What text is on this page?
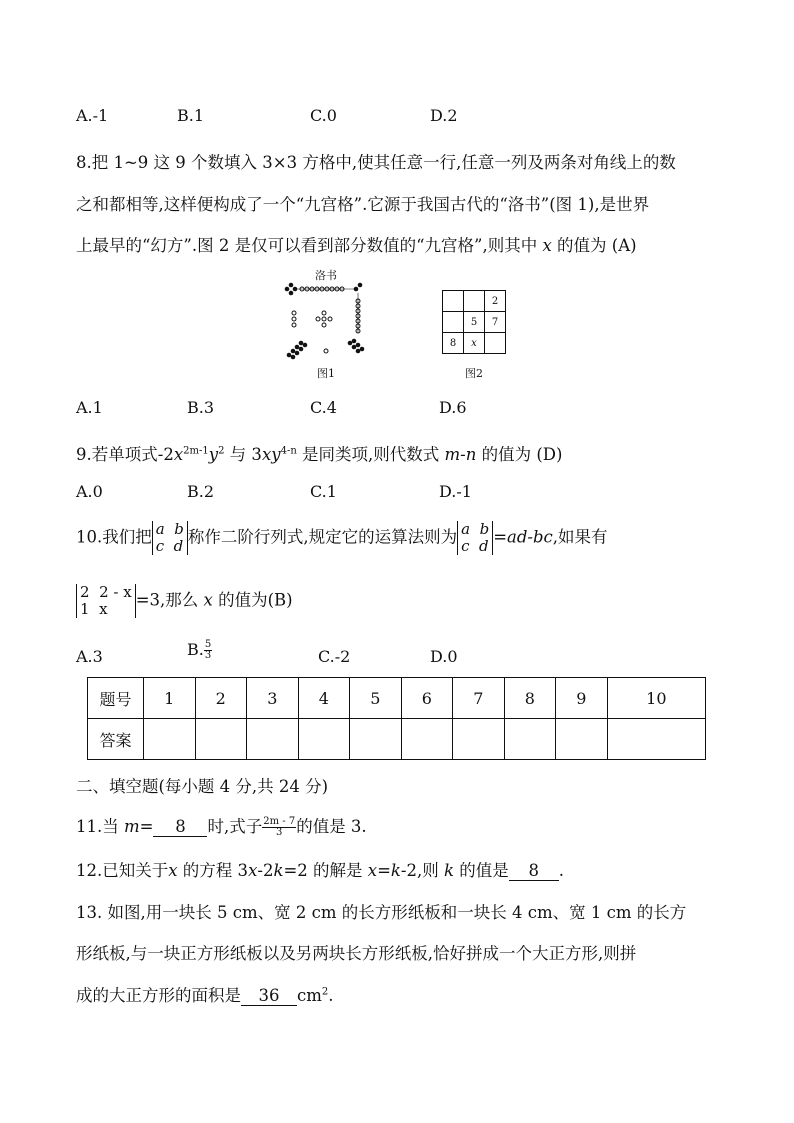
A.-1	B.1	C.0	D.2
8.把 1~9 这 9 个数填入 3×3 方格中,使其任意一行,任意一列及两条对角线上的数
之和都相等,这样便构成了一个“九宫格”.它源于我国古代的“洛书”(图 1),是世界
上最早的“幻方”.图 2 是仅可以看到部分数值的“九宫格”,则其中 x 的值为 (A)
洛书
图1
		2
	5	7
8	x	
图2
A.1	B.3	C.4	D.6
9.若单项式$-2x^{2m-1}y^2$ 与 $3xy^{4-n}$ 是同类项,则代数式 m-n 的值为 (D)
A.0	B.2	C.1	D.-1
10.我们把 a  b
c  d 称作二阶行列式,规定它的运算法则为 a  b
c  d =ad-bc,如果有
2  2 - x
1  x	=3,那么 x 的值为(B)
A.3	B. $\frac{5}{3}$	C.-2	D.0
题号	1	2	3	4	5	6	7	8	9	10
答案										
二、填空题(每小题 4 分,共 24 分)
11.当 m= 8 时,式子 $\frac{2m - 7}{3}$ 的值是 3.
12.已知关于x 的方程 3x-2k=2 的解是 x=k-2,则 k 的值是 8 .
13. 如图,用一块长 5 cm、宽 2 cm 的长方形纸板和一块长 4 cm、宽 1 cm 的长方
形纸板,与一块正方形纸板以及另两块长方形纸板,恰好拼成一个大正方形,则拼
成的大正方形的面积是 36 $cm^2$.
